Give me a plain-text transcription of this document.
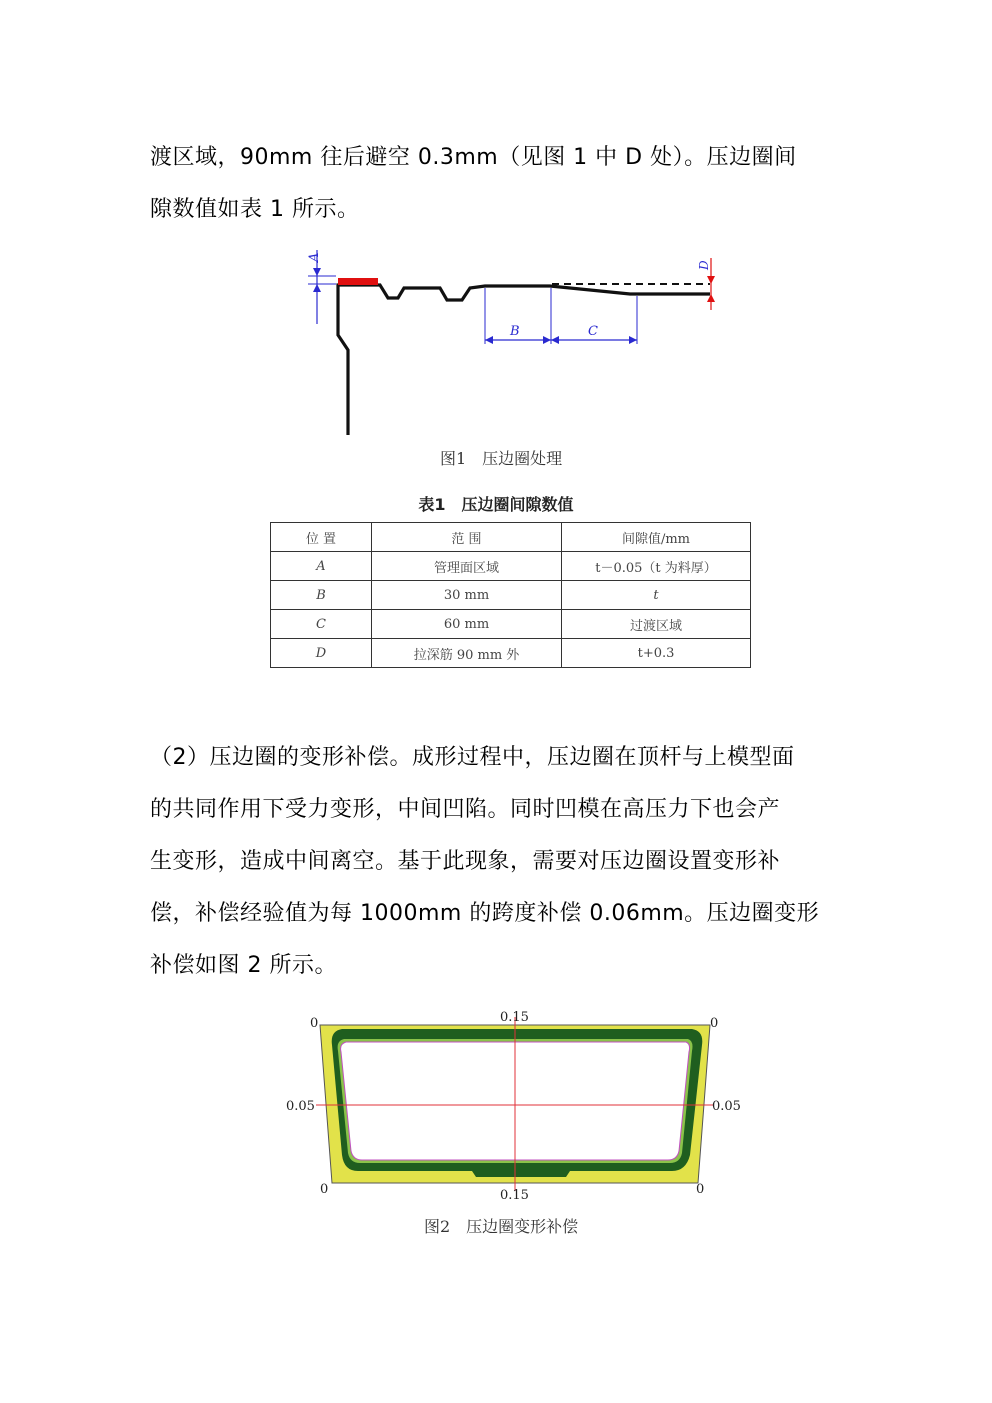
渡区域，90mm 往后避空 0.3mm（见图 1 中 D 处）。压边圈间
隙数值如表 1 所示。
A
B	C
D
图1　压边圈处理
表1　压边圈间隙数值
位 置	范 围	间隙值/mm
A	管理面区域	t－0.05（t 为料厚）
B	30 mm	t
C	60 mm	过渡区域
D	拉深筋 90 mm 外	t+0.3
（2）压边圈的变形补偿。成形过程中，压边圈在顶杆与上模型面
的共同作用下受力变形，中间凹陷。同时凹模在高压力下也会产
生变形，造成中间离空。基于此现象，需要对压边圈设置变形补
偿，补偿经验值为每 1000mm 的跨度补偿 0.06mm。压边圈变形
补偿如图 2 所示。
0	0.15	0
0.05	0.05
0	0.15	0
图2　压边圈变形补偿
